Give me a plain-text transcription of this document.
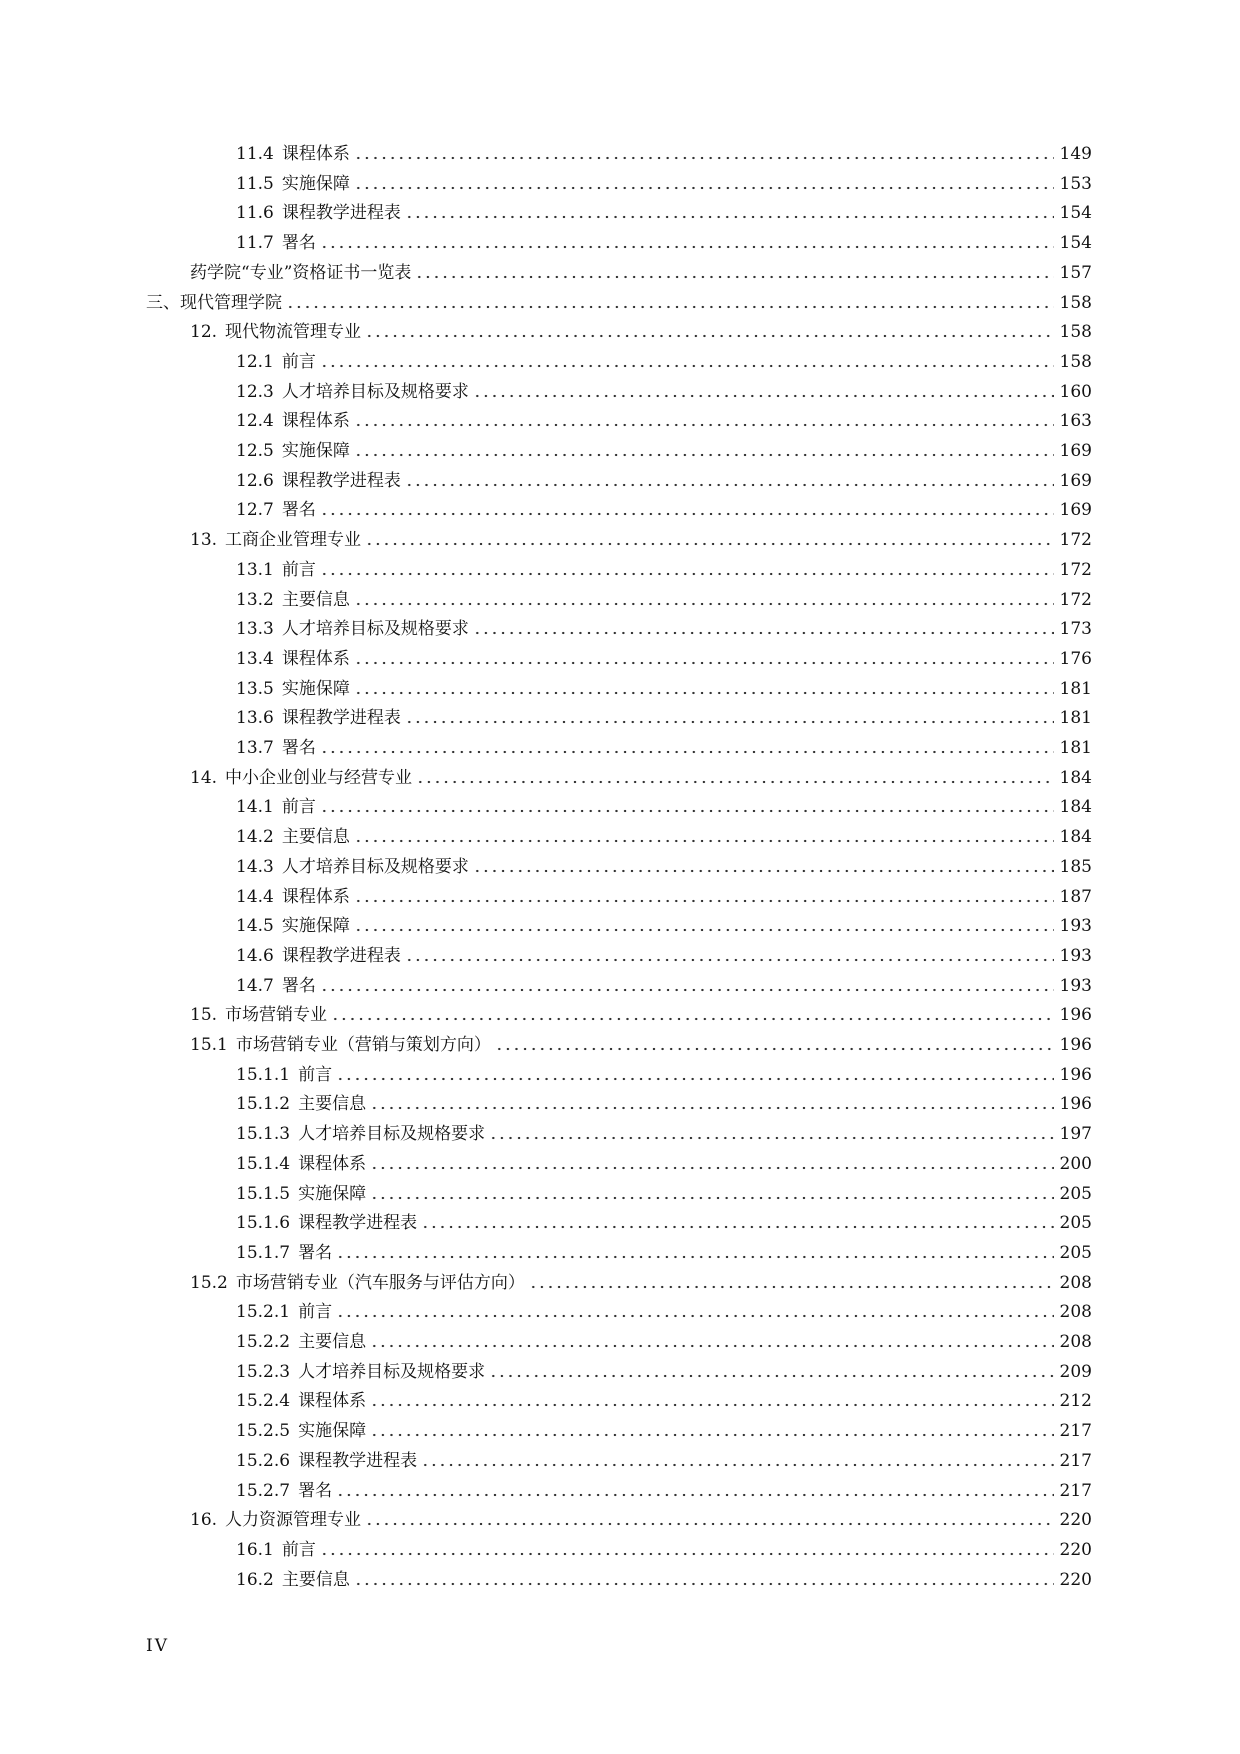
11.4 课程体系	149
11.5 实施保障	153
11.6 课程教学进程表	154
11.7 署名	154
药学院“专业”资格证书一览表	157
三、现代管理学院	158
12. 现代物流管理专业	158
12.1 前言	158
12.3 人才培养目标及规格要求	160
12.4 课程体系	163
12.5 实施保障	169
12.6 课程教学进程表	169
12.7 署名	169
13. 工商企业管理专业	172
13.1 前言	172
13.2 主要信息	172
13.3 人才培养目标及规格要求	173
13.4 课程体系	176
13.5 实施保障	181
13.6 课程教学进程表	181
13.7 署名	181
14. 中小企业创业与经营专业	184
14.1 前言	184
14.2 主要信息	184
14.3 人才培养目标及规格要求	185
14.4 课程体系	187
14.5 实施保障	193
14.6 课程教学进程表	193
14.7 署名	193
15. 市场营销专业	196
15.1 市场营销专业（营销与策划方向）	196
15.1.1 前言	196
15.1.2 主要信息	196
15.1.3 人才培养目标及规格要求	197
15.1.4 课程体系	200
15.1.5 实施保障	205
15.1.6 课程教学进程表	205
15.1.7 署名	205
15.2 市场营销专业（汽车服务与评估方向）	208
15.2.1 前言	208
15.2.2 主要信息	208
15.2.3 人才培养目标及规格要求	209
15.2.4 课程体系	212
15.2.5 实施保障	217
15.2.6 课程教学进程表	217
15.2.7 署名	217
16. 人力资源管理专业	220
16.1 前言	220
16.2 主要信息	220
IV
